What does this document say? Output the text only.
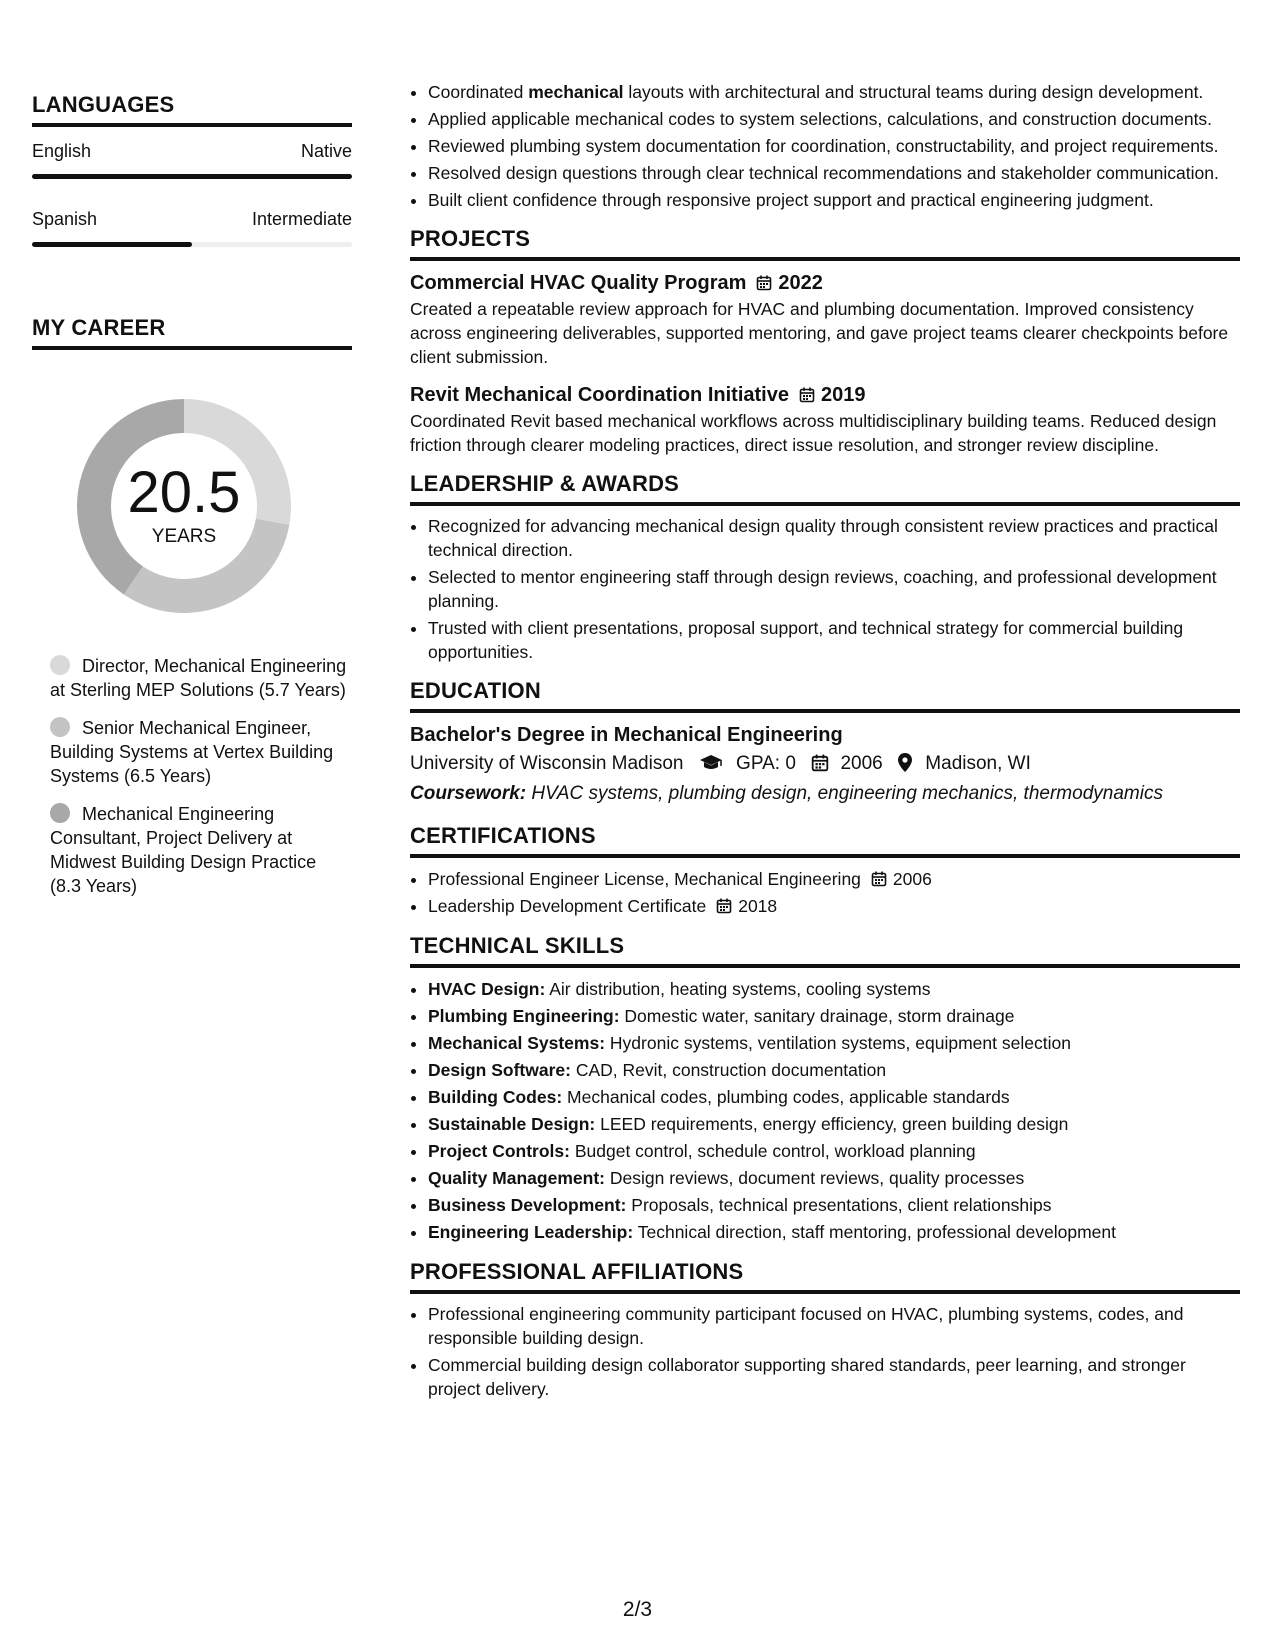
LANGUAGES
English	Native
Spanish	Intermediate
MY CAREER
20.5
YEARS
Director, Mechanical Engineering at Sterling MEP Solutions (5.7 Years)
Senior Mechanical Engineer, Building Systems at Vertex Building Systems (6.5 Years)
Mechanical Engineering Consultant, Project Delivery at Midwest Building Design Practice (8.3 Years)
• Coordinated mechanical layouts with architectural and structural teams during design development.
• Applied applicable mechanical codes to system selections, calculations, and construction documents.
• Reviewed plumbing system documentation for coordination, constructability, and project requirements.
• Resolved design questions through clear technical recommendations and stakeholder communication.
• Built client confidence through responsive project support and practical engineering judgment.
PROJECTS
Commercial HVAC Quality Program 2022
Created a repeatable review approach for HVAC and plumbing documentation. Improved consistency across engineering deliverables, supported mentoring, and gave project teams clearer checkpoints before client submission.
Revit Mechanical Coordination Initiative 2019
Coordinated Revit based mechanical workflows across multidisciplinary building teams. Reduced design friction through clearer modeling practices, direct issue resolution, and stronger review discipline.
LEADERSHIP & AWARDS
• Recognized for advancing mechanical design quality through consistent review practices and practical technical direction.
• Selected to mentor engineering staff through design reviews, coaching, and professional development planning.
• Trusted with client presentations, proposal support, and technical strategy for commercial building opportunities.
EDUCATION
Bachelor's Degree in Mechanical Engineering
University of Wisconsin Madison	GPA: 0 2006 Madison, WI
Coursework: HVAC systems, plumbing design, engineering mechanics, thermodynamics
CERTIFICATIONS
• Professional Engineer License, Mechanical Engineering 2006
• Leadership Development Certificate 2018
TECHNICAL SKILLS
• HVAC Design: Air distribution, heating systems, cooling systems
• Plumbing Engineering: Domestic water, sanitary drainage, storm drainage
• Mechanical Systems: Hydronic systems, ventilation systems, equipment selection
• Design Software: CAD, Revit, construction documentation
• Building Codes: Mechanical codes, plumbing codes, applicable standards
• Sustainable Design: LEED requirements, energy efficiency, green building design
• Project Controls: Budget control, schedule control, workload planning
• Quality Management: Design reviews, document reviews, quality processes
• Business Development: Proposals, technical presentations, client relationships
• Engineering Leadership: Technical direction, staff mentoring, professional development
PROFESSIONAL AFFILIATIONS
• Professional engineering community participant focused on HVAC, plumbing systems, codes, and responsible building design.
• Commercial building design collaborator supporting shared standards, peer learning, and stronger project delivery.
2/3
